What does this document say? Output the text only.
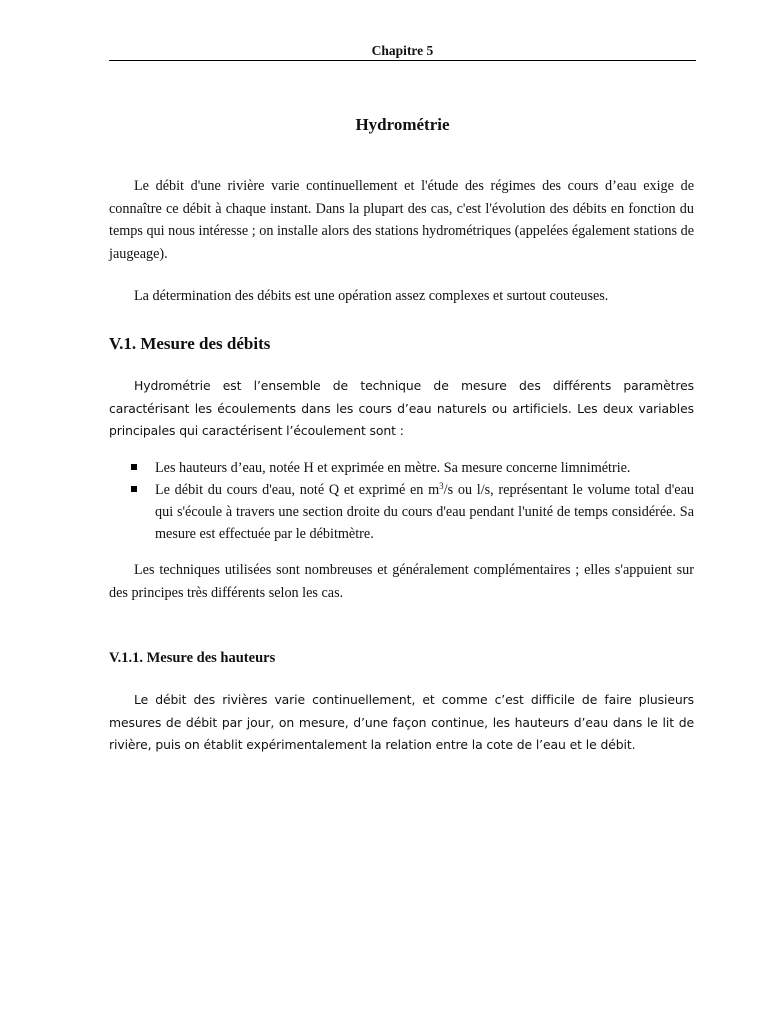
Chapitre 5
Hydrométrie

Le débit d'une rivière varie continuellement et l'étude des régimes des cours d’eau exige de connaître ce débit à chaque instant. Dans la plupart des cas, c'est l'évolution des débits en fonction du temps qui nous intéresse ; on installe alors des stations hydrométriques (appelées également stations de jaugeage).

La détermination des débits est une opération assez complexes et surtout couteuses.

V.1. Mesure des débits

Hydrométrie est l’ensemble de technique de mesure des différents paramètres caractérisant les écoulements dans les cours d’eau naturels ou artificiels. Les deux variables principales qui caractérisent l’écoulement sont :

Les hauteurs d’eau, notée H et exprimée en mètre. Sa mesure concerne limnimétrie.
Le débit du cours d'eau, noté Q et exprimé en $m^3/s$ ou l/s, représentant le volume total d'eau qui s'écoule à travers une section droite du cours d'eau pendant l'unité de temps considérée. Sa mesure est effectuée par le débitmètre.

Les techniques utilisées sont nombreuses et généralement complémentaires ; elles s'appuient sur des principes très différents selon les cas.

V.1.1. Mesure des hauteurs

Le débit des rivières varie continuellement, et comme c’est difficile de faire plusieurs mesures de débit par jour, on mesure, d’une façon continue, les hauteurs d’eau dans le lit de rivière, puis on établit expérimentalement la relation entre la cote de l’eau et le débit.
